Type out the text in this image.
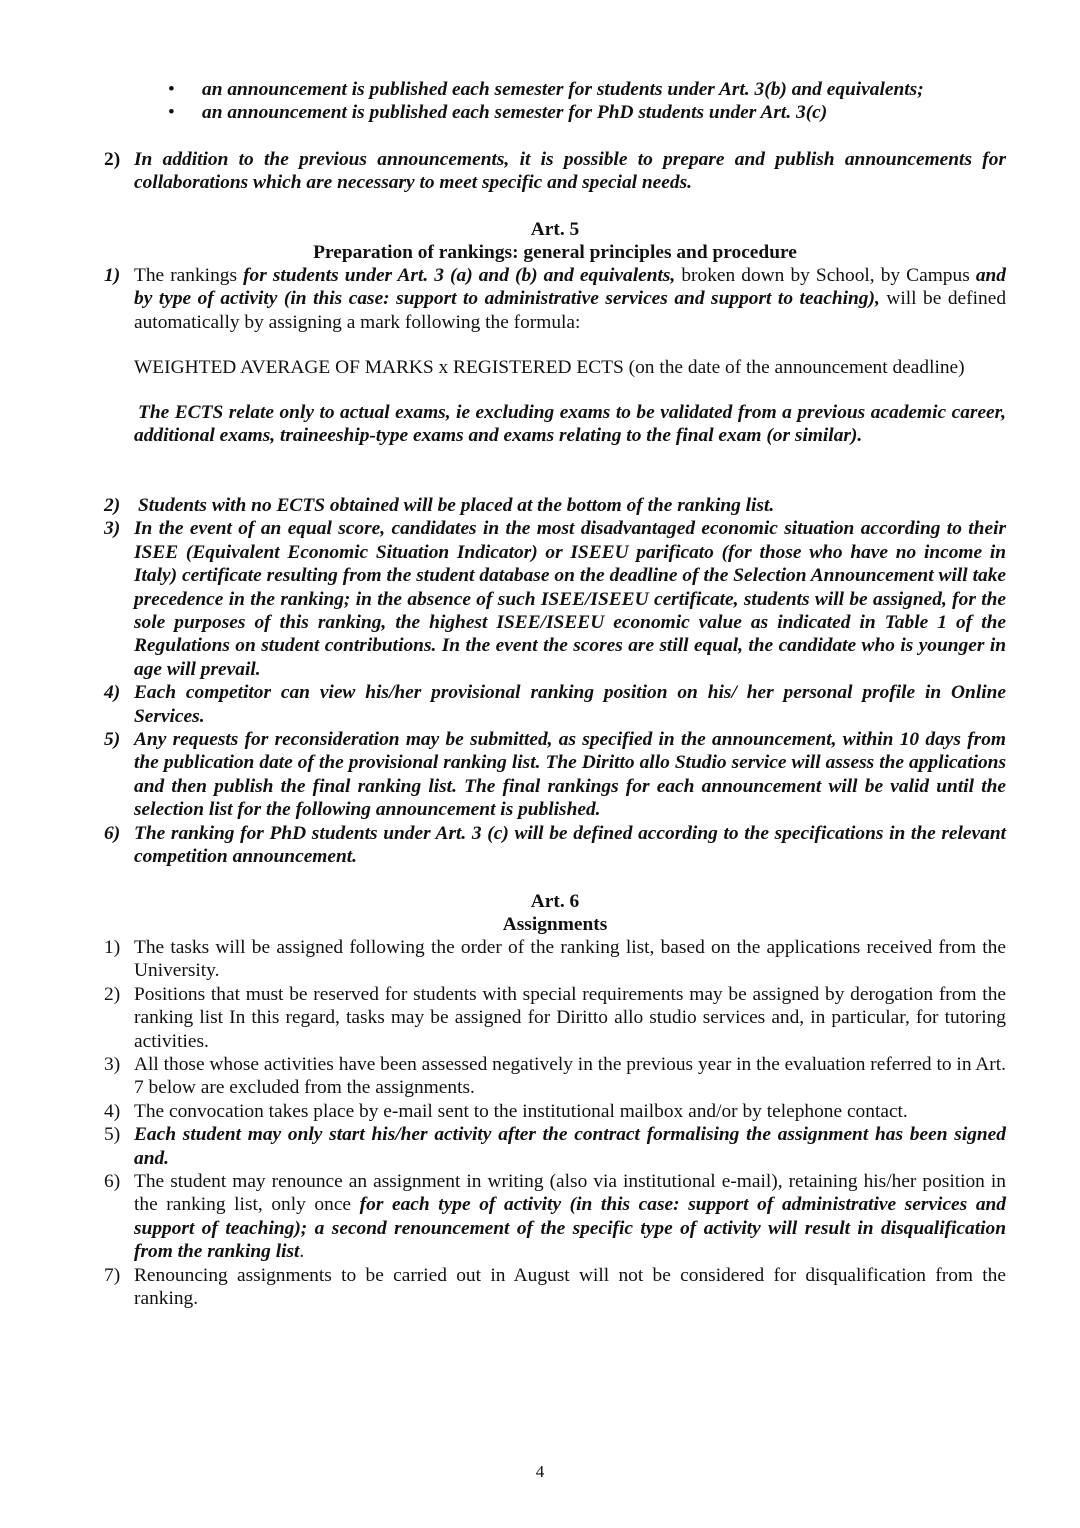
• an announcement is published each semester for students under Art. 3(b) and equivalents;
• an announcement is published each semester for PhD students under Art. 3(c)
2) In addition to the previous announcements, it is possible to prepare and publish announcements for collaborations which are necessary to meet specific and special needs.
Art. 5
Preparation of rankings: general principles and procedure
1) The rankings for students under Art. 3 (a) and (b) and equivalents, broken down by School, by Campus and by type of activity (in this case: support to administrative services and support to teaching), will be defined automatically by assigning a mark following the formula:
WEIGHTED AVERAGE OF MARKS x REGISTERED ECTS (on the date of the announcement deadline)
The ECTS relate only to actual exams, ie excluding exams to be validated from a previous academic career, additional exams, traineeship-type exams and exams relating to the final exam (or similar).
2) Students with no ECTS obtained will be placed at the bottom of the ranking list.
3) In the event of an equal score, candidates in the most disadvantaged economic situation according to their ISEE (Equivalent Economic Situation Indicator) or ISEEU parificato (for those who have no income in Italy) certificate resulting from the student database on the deadline of the Selection Announcement will take precedence in the ranking; in the absence of such ISEE/ISEEU certificate, students will be assigned, for the sole purposes of this ranking, the highest ISEE/ISEEU economic value as indicated in Table 1 of the Regulations on student contributions. In the event the scores are still equal, the candidate who is younger in age will prevail.
4) Each competitor can view his/her provisional ranking position on his/ her personal profile in Online Services.
5) Any requests for reconsideration may be submitted, as specified in the announcement, within 10 days from the publication date of the provisional ranking list. The Diritto allo Studio service will assess the applications and then publish the final ranking list. The final rankings for each announcement will be valid until the selection list for the following announcement is published.
6) The ranking for PhD students under Art. 3 (c) will be defined according to the specifications in the relevant competition announcement.
Art. 6
Assignments
1) The tasks will be assigned following the order of the ranking list, based on the applications received from the University.
2) Positions that must be reserved for students with special requirements may be assigned by derogation from the ranking list In this regard, tasks may be assigned for Diritto allo studio services and, in particular, for tutoring activities.
3) All those whose activities have been assessed negatively in the previous year in the evaluation referred to in Art. 7 below are excluded from the assignments.
4) The convocation takes place by e-mail sent to the institutional mailbox and/or by telephone contact.
5) Each student may only start his/her activity after the contract formalising the assignment has been signed and.
6) The student may renounce an assignment in writing (also via institutional e-mail), retaining his/her position in the ranking list, only once for each type of activity (in this case: support of administrative services and support of teaching); a second renouncement of the specific type of activity will result in disqualification from the ranking list.
7) Renouncing assignments to be carried out in August will not be considered for disqualification from the ranking.
4
